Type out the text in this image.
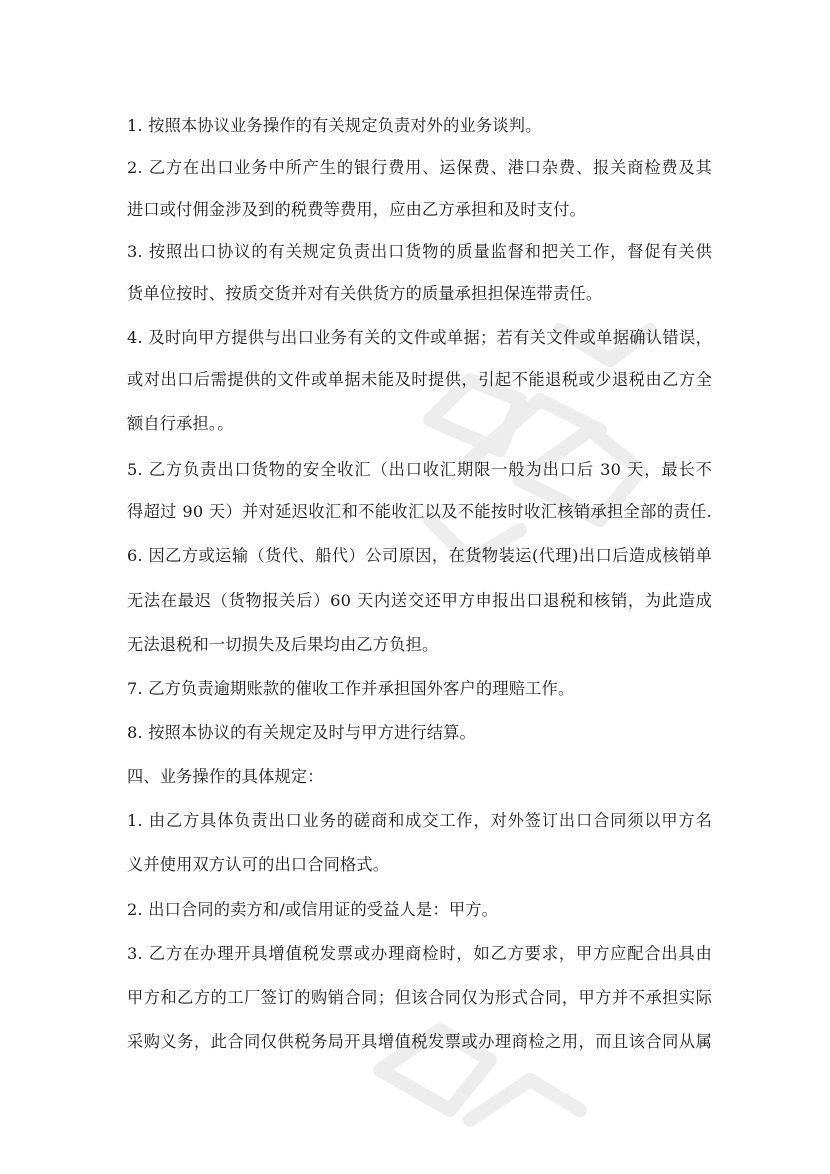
1. 按照本协议业务操作的有关规定负责对外的业务谈判。
2. 乙方在出口业务中所产生的银行费用、运保费、港口杂费、报关商检费及其
进口或付佣金涉及到的税费等费用，应由乙方承担和及时支付。
3. 按照出口协议的有关规定负责出口货物的质量监督和把关工作，督促有关供
货单位按时、按质交货并对有关供货方的质量承担担保连带责任。
4. 及时向甲方提供与出口业务有关的文件或单据；若有关文件或单据确认错误，
或对出口后需提供的文件或单据未能及时提供，引起不能退税或少退税由乙方全
额自行承担。。
5. 乙方负责出口货物的安全收汇（出口收汇期限一般为出口后 30 天，最长不
得超过 90 天）并对延迟收汇和不能收汇以及不能按时收汇核销承担全部的责任.
6. 因乙方或运输（货代、船代）公司原因，在货物装运(代理)出口后造成核销单
无法在最迟（货物报关后）60 天内送交还甲方申报出口退税和核销，为此造成
无法退税和一切损失及后果均由乙方负担。
7. 乙方负责逾期账款的催收工作并承担国外客户的理赔工作。
8. 按照本协议的有关规定及时与甲方进行结算。
四、业务操作的具体规定：
1. 由乙方具体负责出口业务的磋商和成交工作，对外签订出口合同须以甲方名
义并使用双方认可的出口合同格式。
2. 出口合同的卖方和/或信用证的受益人是：甲方。
3. 乙方在办理开具增值税发票或办理商检时，如乙方要求，甲方应配合出具由
甲方和乙方的工厂签订的购销合同；但该合同仅为形式合同，甲方并不承担实际
采购义务，此合同仅供税务局开具增值税发票或办理商检之用，而且该合同从属
